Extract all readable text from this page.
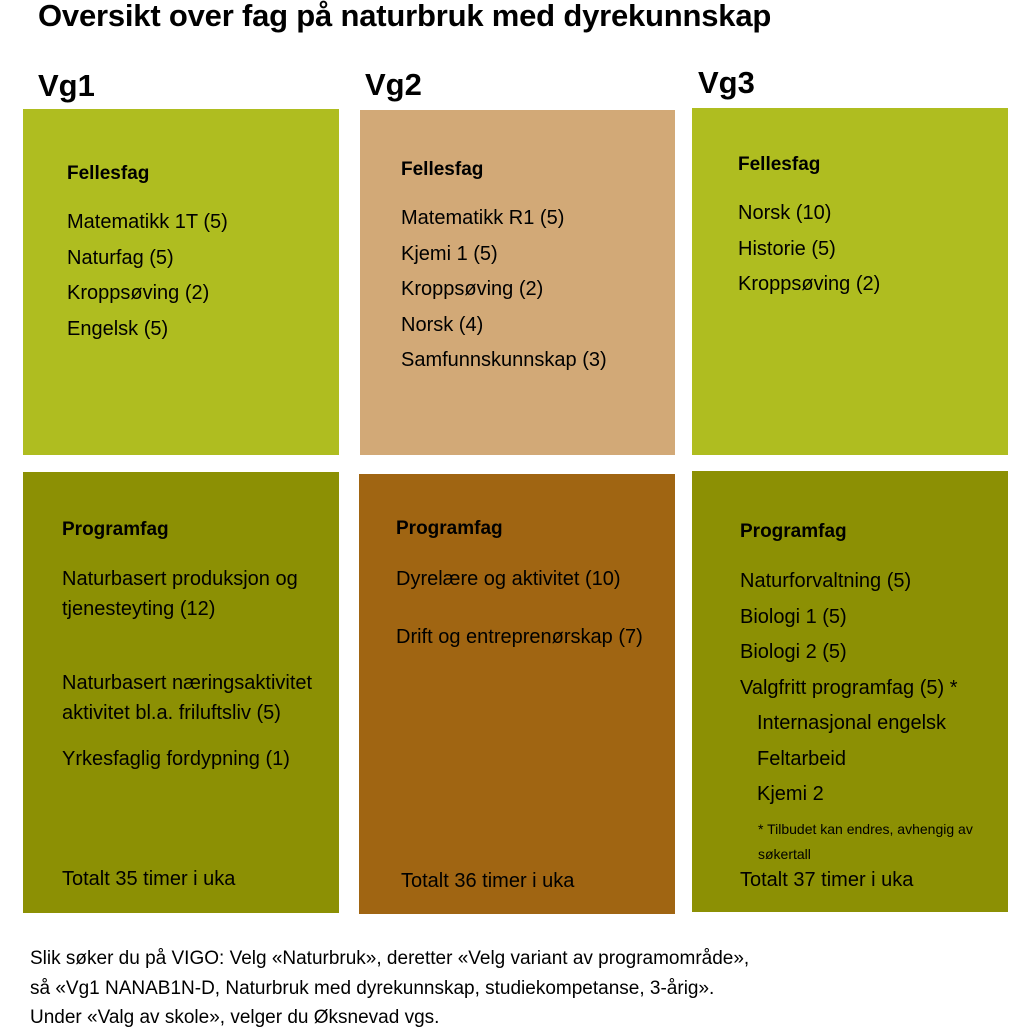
Oversikt over fag på naturbruk med dyrekunnskap
Vg1	Vg2	Vg3
Fellesfag
Matematikk 1T (5)
Naturfag (5)
Kroppsøving (2)
Engelsk (5)
Fellesfag
Matematikk R1 (5)
Kjemi 1 (5)
Kroppsøving (2)
Norsk (4)
Samfunnskunnskap (3)
Fellesfag
Norsk (10)
Historie (5)
Kroppsøving (2)
Programfag
Naturbasert produksjon og tjenesteyting (12)
Naturbasert næringsaktivitet aktivitet bl.a. friluftsliv (5)
Yrkesfaglig fordypning (1)
Totalt 35 timer i uka
Programfag
Dyrelære og aktivitet (10)
Drift og entreprenørskap (7)
Totalt 36 timer i uka
Programfag
Naturforvaltning (5)
Biologi 1 (5)
Biologi 2 (5)
Valgfritt programfag (5) *
Internasjonal engelsk
Feltarbeid
Kjemi 2
* Tilbudet kan endres, avhengig av søkertall
Totalt 37 timer i uka
Slik søker du på VIGO: Velg «Naturbruk», deretter «Velg variant av programområde»,
så «Vg1 NANAB1N-D, Naturbruk med dyrekunnskap, studiekompetanse, 3-årig».
Under «Valg av skole», velger du Øksnevad vgs.
